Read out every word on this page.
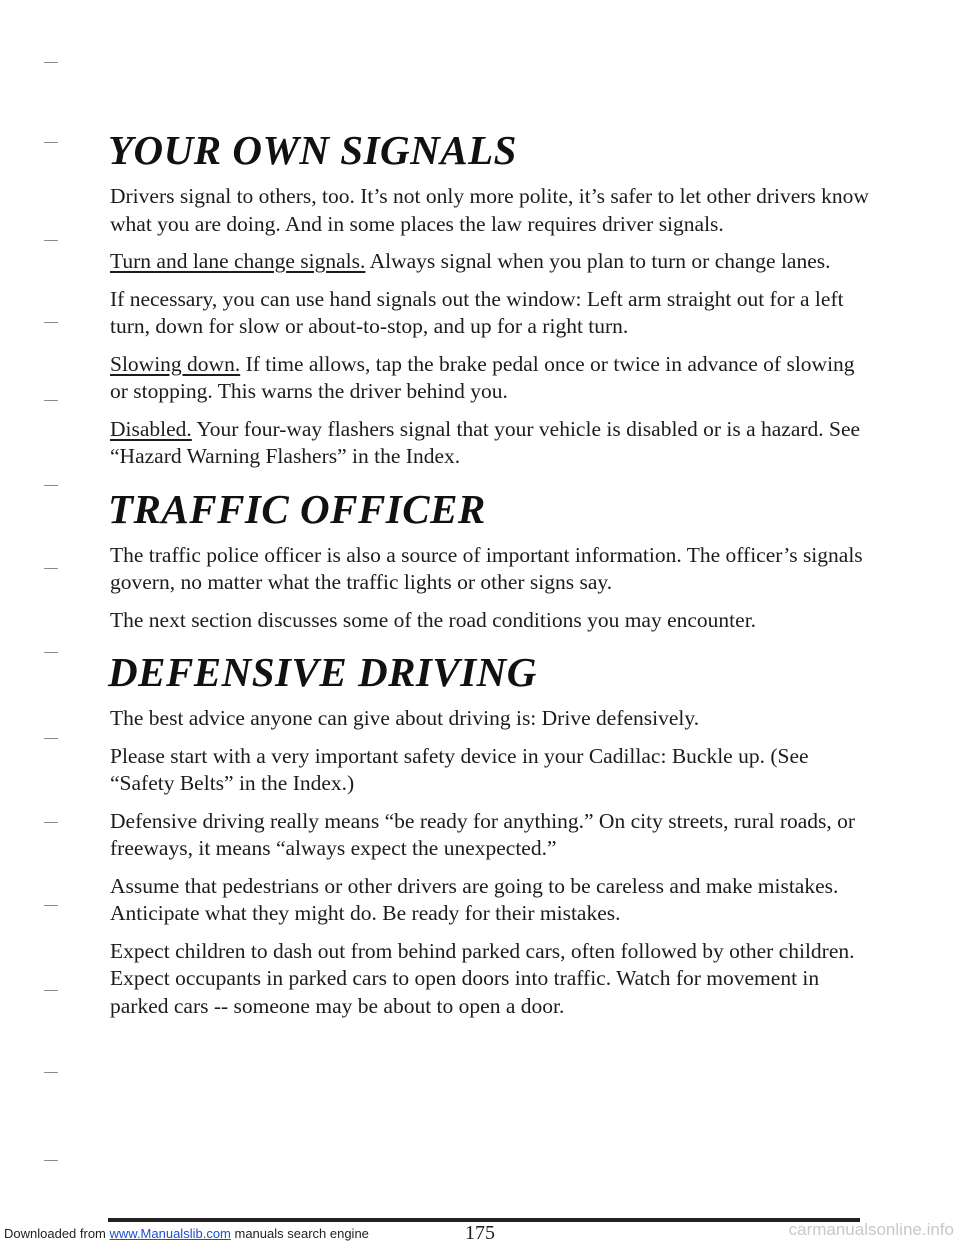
YOUR OWN SIGNALS

Drivers signal to others, too. It’s not only more polite, it’s safer to let other drivers know what you are doing. And in some places the law requires driver signals.

Turn and lane change signals. Always signal when you plan to turn or change lanes.

If necessary, you can use hand signals out the window: Left arm straight out for a left turn, down for slow or about-to-stop, and up for a right turn.

Slowing down. If time allows, tap the brake pedal once or twice in advance of slowing or stopping. This warns the driver behind you.

Disabled. Your four-way flashers signal that your vehicle is disabled or is a hazard. See “Hazard Warning Flashers” in the Index.

TRAFFIC OFFICER

The traffic police officer is also a source of important information. The officer’s signals govern, no matter what the traffic lights or other signs say.

The next section discusses some of the road conditions you may encounter.

DEFENSIVE DRIVING

The best advice anyone can give about driving is: Drive defensively.

Please start with a very important safety device in your Cadillac: Buckle up. (See “Safety Belts” in the Index.)

Defensive driving really means “be ready for anything.” On city streets, rural roads, or freeways, it means “always expect the unexpected.”

Assume that pedestrians or other drivers are going to be careless and make mistakes. Anticipate what they might do. Be ready for their mistakes.

Expect children to dash out from behind parked cars, often followed by other children. Expect occupants in parked cars to open doors into traffic. Watch for movement in parked cars -- someone may be about to open a door.

175
Downloaded from www.Manualslib.com manuals search engine	carmanualsonline.info
